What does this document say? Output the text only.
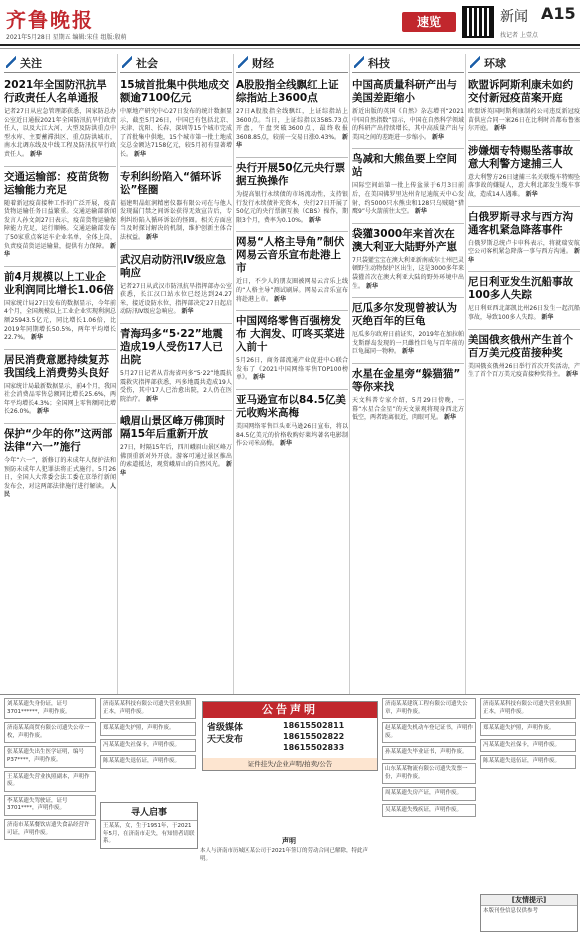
齐鲁晚报
2021年5月28日 星期五 编辑:宋佳 组版:殷萌
速览	新闻 A15
找记者 上壹点
关注

2021年全国防汛抗旱行政责任人名单通报

记者27日从应急管理部获悉，国家防总办公室近日通报2021年全国防汛抗旱行政责任人，以及大江大河、大型及防洪重点中型水库、主要蓄滞洪区、重点防洪城市，南水北调东线及中线工程及防汛抗旱行政责任人。 新华

交通运输部：疫苗货物运输能力充足

随着新冠疫苗接种工作的广泛开展，疫苗货物运输任务日益繁重。交通运输部新闻发言人孙文剑27日表示，疫苗货物运输保障能力充足，运行顺畅。交通运输部发布了50家重点客运车企业名单，全体上岗，负责疫苗货运运输量，提供有力保障。 新华

前4月规模以上工业企业利润同比增长1.06倍

国家统计局27日发布的数据显示，今年前4个月，全国规模以上工业企业实现利润总额25943.5亿元，同比增长1.06倍，比2019年同期增长50.5%，两年平均增长22.7%。 新华

居民消费意愿持续复苏 我国线上消费势头良好

国家统计局最新数据显示，前4个月，我国社会消费品零售总额同比增长25.6%，两年平均增长4.3%；全国网上零售额同比增长26.0%。 新华

保护“少年的你”这两部法律“六一”施行

今年“六一”，新修订的未成年人保护法和预防未成年人犯罪法将正式施行。5月26日，全国人大常委会法工委在京举行新闻发布会，对这两部法律施行进行解读。 人民

社会

15城首批集中供地成交额逾7100亿元

中原地产研究中心27日发布的统计数据显示，截至5月26日，中国已有包括北京、天津、沈阳、长春、深圳等15个城市完成了首批集中供地，15个城市第一批土地成交总金额达7158亿元，较5月初有显著增长。 新华

专利纠纷陷入“循环诉讼”怪圈

福建明晶虹润精密仪器有限公司在与他人发现漏门禁之间诉讼获得无效宣告后，专利纠纷陷入循环诉讼的怪圈。相关方面应当及时探讨解决的机制，维护创新主体合法权益。 新华

武汉启动防汛Ⅳ级应急响应

记者27日从武汉市防汛抗旱指挥部办公室获悉，长江汉口站水位已经达到24.27米，接近设防水位，指挥部决定27日起启动防汛Ⅳ级应急响应。 新华

青海玛多“5·22”地震造成19人受伤17人已出院

5月27日记者从青海省玛多“5·22”地震抗震救灾指挥部获悉，玛多地震共造成19人受伤，其中17人已治愈出院，2人仍在医院治疗。 新华

峨眉山景区峰万佛顶时隔15年后重新开放

27日，时隔15年后，四川峨眉山景区峰万佛顶重新对外开放。游客可通过景区推出的索道抵达，观赏峨眉山的自然风光。 新华

财经

A股股指全线飘红上证综指站上3600点

27日A股股指全线飘红，上证综指站上3600点。当日，上证综指以3585.73点开盘，午盘突破3600点，最终收报3608.85点，较前一交易日涨0.43%。 新华

央行开展50亿元央行票据互换操作

为提高银行永续债的市场流动性，支持银行发行永续债补充资本，央行27日开展了50亿元的央行票据互换（CBS）操作，期限3个月，费率为0.10%。 新华

网易“人格主导角”制伏 网易云音乐宣布赴港上市

近日，不少人的朋友圈被网易云音乐上线的“人格主导”测试刷屏。网易云音乐宣布将赴港上市。 新华

中国网络零售百强榜发布 大润发、叮咚买菜进入前十

5月26日，商务部流通产业促进中心联合发布了《2021中国网络零售TOP100榜单》。 新华

亚马逊宣布以84.5亿美元收购米高梅

美国网络零售巨头亚马逊26日宣布，将以84.5亿美元的价格收购好莱坞著名电影制作公司米高梅。 新华

科技

中国高质量科研产出与美国差距缩小

新近出版的英国《自然》杂志增刊“2021中国自然指数”显示，中国在自然科学领域的科研产出持续增长，其中高质量产出与美国之间的差距进一步缩小。 新华

鸟减和大熊鱼要上空间站

国际空间站第一批上传盆景于6月3日前后，在美国佛罗里达州肯尼迪航天中心发射，约5000只水熊虫和128只乌贼随“猎鹰9”号火箭前往太空。 新华

袋獾3000年来首次在澳大利亚大陆野外产崽

7只袋獾宝宝在澳大利亚新南威尔士州巴灵顿野生动物保护区出生，这是3000多年来袋獾首次在澳大利亚大陆的野外环境中出生。 新华

厄瓜多尔发现曾被认为灭绝百年的巨龟

厄瓜多尔政府日前证实，2019年在加拉帕戈斯群岛发现的一只雌性巨龟与百年前的巨龟属同一物种。 新华

水星在金星旁“躲猫猫” 等你来找

天文科普专家介绍，5月29日傍晚，一幕“水星合金星”的天文景观将现身西北方低空，两者距离很近，肉眼可见。 新华

环球

欧盟诉阿斯利康未如约交付新冠疫苗案开庭

欧盟诉英国阿斯利康制药公司违反新冠疫苗供应合同一案26日在比利时首都布鲁塞尔开庭。 新华

涉嫌烟专特赐坠落事故意大利警方逮捕三人

意大利警方26日逮捕三名关联缆车特赐坠落事故的嫌疑人，意大利北部发生缆车事故，造成14人遇难。 新华

白俄罗斯寻求与西方沟通客机紧急降落事件

白俄罗斯总统卢卡申科表示，将就瑞安航空公司客机紧急降落一事与西方沟通。 新华

尼日利亚发生沉船事故100多人失踪

尼日利亚西北部凯比州26日发生一起沉船事故，导致100多人失踪。 新华

美国俄亥俄州产生首个百万美元疫苗接种奖

美国俄亥俄州26日举行首次开奖活动，产生了首个百万美元疫苗接种奖得主。 新华

刘某某遗失身份证，证号3701******，声明作废。

济南某某商贸有限公司遗失公章一枚，声明作废。

张某某遗失出生医学证明，编号P37****，声明作废。

王某某遗失营业执照副本，声明作废。

李某某遗失驾驶证，证号3701****，声明作废。

济南市某某餐饮店遗失食品经营许可证，声明作废。

济南某某科技有限公司遗失营业执照正本，声明作废。

郑某某遗失护照，声明作废。

冯某某遗失社保卡，声明作废。

陈某某遗失退伍证，声明作废。

公告声明
省级媒体
天天发布
18615502811
18615502822
18615502833
证件挂失/企业声明/拍卖/公告
寻人启事

王某某，女，生于1951年，于2021年5月，在济南市走失，有知情者请联系。	声明

本人与济南市历城区某公司于2021年签订的劳动合同已解除，特此声明。

济南某某建筑工程有限公司遗失公章，声明作废。

赵某某遗失机动车登记证书，声明作废。

孙某某遗失毕业证书，声明作废。

山东某某物流有限公司遗失发票一份，声明作废。

周某某遗失房产证，声明作废。

吴某某遗失残疾证，声明作废。

济南某某科技有限公司遗失营业执照正本，声明作废。

郑某某遗失护照，声明作废。

冯某某遗失社保卡，声明作废。

陈某某遗失退伍证，声明作废。

[友情提示]

本版刊登信息仅供参考
